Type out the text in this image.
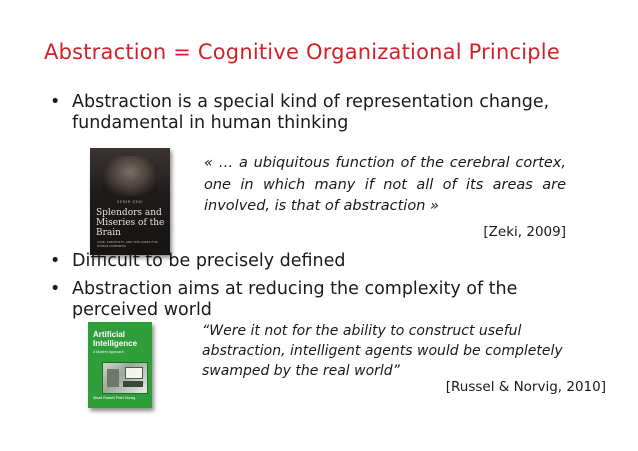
Abstraction = Cognitive Organizational Principle
• Abstraction is a special kind of representation change, fundamental in human thinking
SEMIR ZEKI
Splendors and Miseries of the Brain
LOVE, CREATIVITY, AND THE QUEST FOR HUMAN HAPPINESS
« … a ubiquitous function of the cerebral cortex, one in which many if not all of its areas are involved, is that of abstraction »
[Zeki, 2009]
• Difficult to be precisely defined
• Abstraction aims at reducing the complexity of the perceived world
Artificial Intelligence
A Modern Approach
Stuart Russell Peter Norvig
“Were it not for the ability to construct useful abstraction, intelligent agents would be completely swamped by the real world”
[Russel & Norvig, 2010]
